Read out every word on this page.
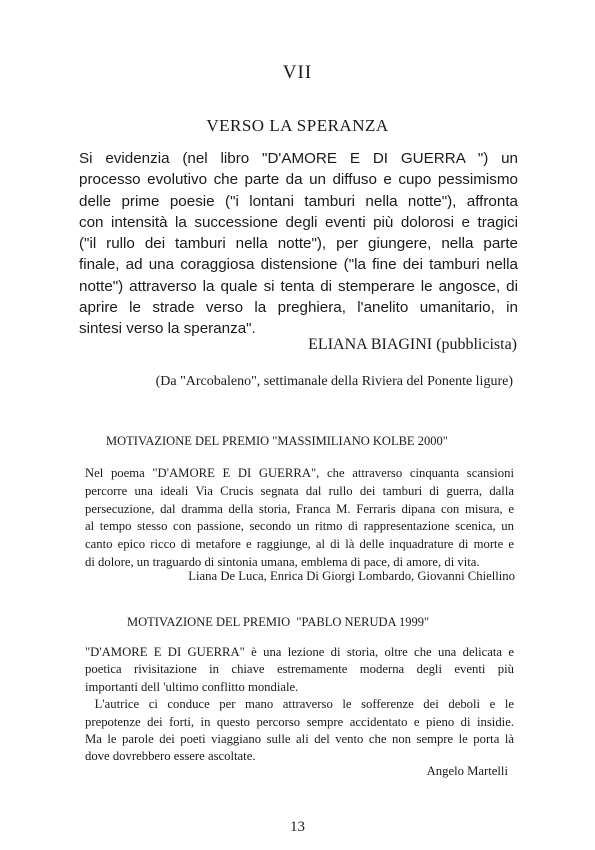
VII
VERSO LA SPERANZA
Si evidenzia (nel libro "D'AMORE E DI GUERRA ") un
processo evolutivo che parte da un diffuso e cupo pessimismo
delle prime poesie ("i lontani tamburi nella notte"), affronta
con intensità la successione degli eventi più dolorosi e tragici
("il rullo dei tamburi nella notte"), per giungere, nella parte
finale, ad una coraggiosa distensione ("la fine dei tamburi nella
notte") attraverso la quale si tenta di stemperare le angosce, di
aprire le strade verso la preghiera, l'anelito umanitario, in
sintesi verso la speranza".
ELIANA BIAGINI (pubblicista)
(Da "Arcobaleno", settimanale della Riviera del Ponente ligure)
MOTIVAZIONE DEL PREMIO "MASSIMILIANO KOLBE 2000"
Nel poema "D'AMORE E DI GUERRA", che attraverso cinquanta scansioni
percorre una ideali Via Crucis segnata dal rullo dei tamburi di guerra, dalla
persecuzione, dal dramma della storia, Franca M. Ferraris dipana con misura, e
al tempo stesso con passione, secondo un ritmo di rappresentazione scenica, un
canto epico ricco di metafore e raggiunge, al di là delle inquadrature di morte e
di dolore, un traguardo di sintonia umana, emblema di pace, di amore, di vita.
Liana De Luca, Enrica Di Giorgi Lombardo, Giovanni Chiellino
MOTIVAZIONE DEL PREMIO  "PABLO NERUDA 1999"
"D'AMORE E DI GUERRA" è una lezione di storia, oltre che una delicata e
poetica rivisitazione in chiave estremamente moderna degli eventi più
importanti dell 'ultimo conflitto mondiale.
L'autrice ci conduce per mano attraverso le sofferenze dei deboli e le
prepotenze dei forti, in questo percorso sempre accidentato e pieno di insidie.
Ma le parole dei poeti viaggiano sulle ali del vento che non sempre le porta là
dove dovrebbero essere ascoltate.
Angelo Martelli
13
